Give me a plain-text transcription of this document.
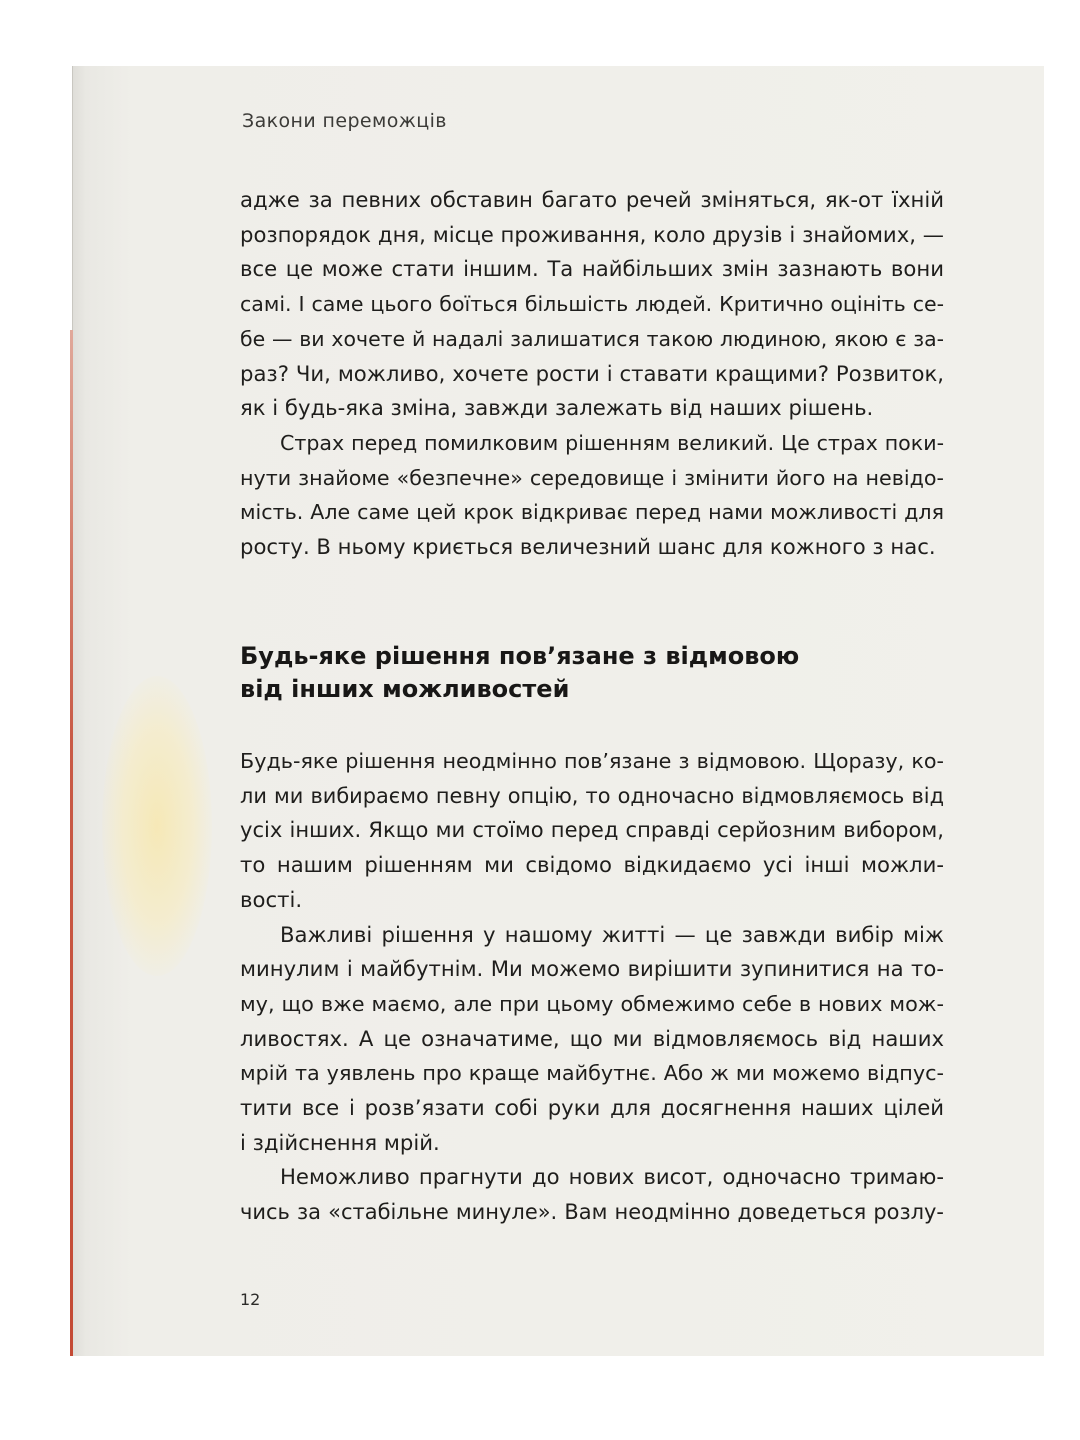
Закони переможців

адже за певних обставин багато речей зміняться, як-от їхній

розпорядок дня, місце проживання, коло друзів і знайомих, —

все це може стати іншим. Та найбільших змін зазнають вони

самі. І саме цього боїться більшість людей. Критично оцініть се-

бе — ви хочете й надалі залишатися такою людиною, якою є за-

раз? Чи, можливо, хочете рости і ставати кращими? Розвиток,

як і будь-яка зміна, завжди залежать від наших рішень.

Страх перед помилковим рішенням великий. Це страх поки-

нути знайоме «безпечне» середовище і змінити його на невідо-

мість. Але саме цей крок відкриває перед нами можливості для

росту. В ньому криється величезний шанс для кожного з нас.

Будь-яке рішення пов’язане з відмовою
від інших можливостей

Будь-яке рішення неодмінно пов’язане з відмовою. Щоразу, ко-

ли ми вибираємо певну опцію, то одночасно відмовляємось від

усіх інших. Якщо ми стоїмо перед справді серйозним вибором,

то нашим рішенням ми свідомо відкидаємо усі інші можли-

вості.

Важливі рішення у нашому житті — це завжди вибір між

минулим і майбутнім. Ми можемо вирішити зупинитися на то-

му, що вже маємо, але при цьому обмежимо себе в нових мож-

ливостях. А це означатиме, що ми відмовляємось від наших

мрій та уявлень про краще майбутнє. Або ж ми можемо відпус-

тити все і розв’язати собі руки для досягнення наших цілей

і здійснення мрій.

Неможливо прагнути до нових висот, одночасно тримаю-

чись за «стабільне минуле». Вам неодмінно доведеться розлу-

12
